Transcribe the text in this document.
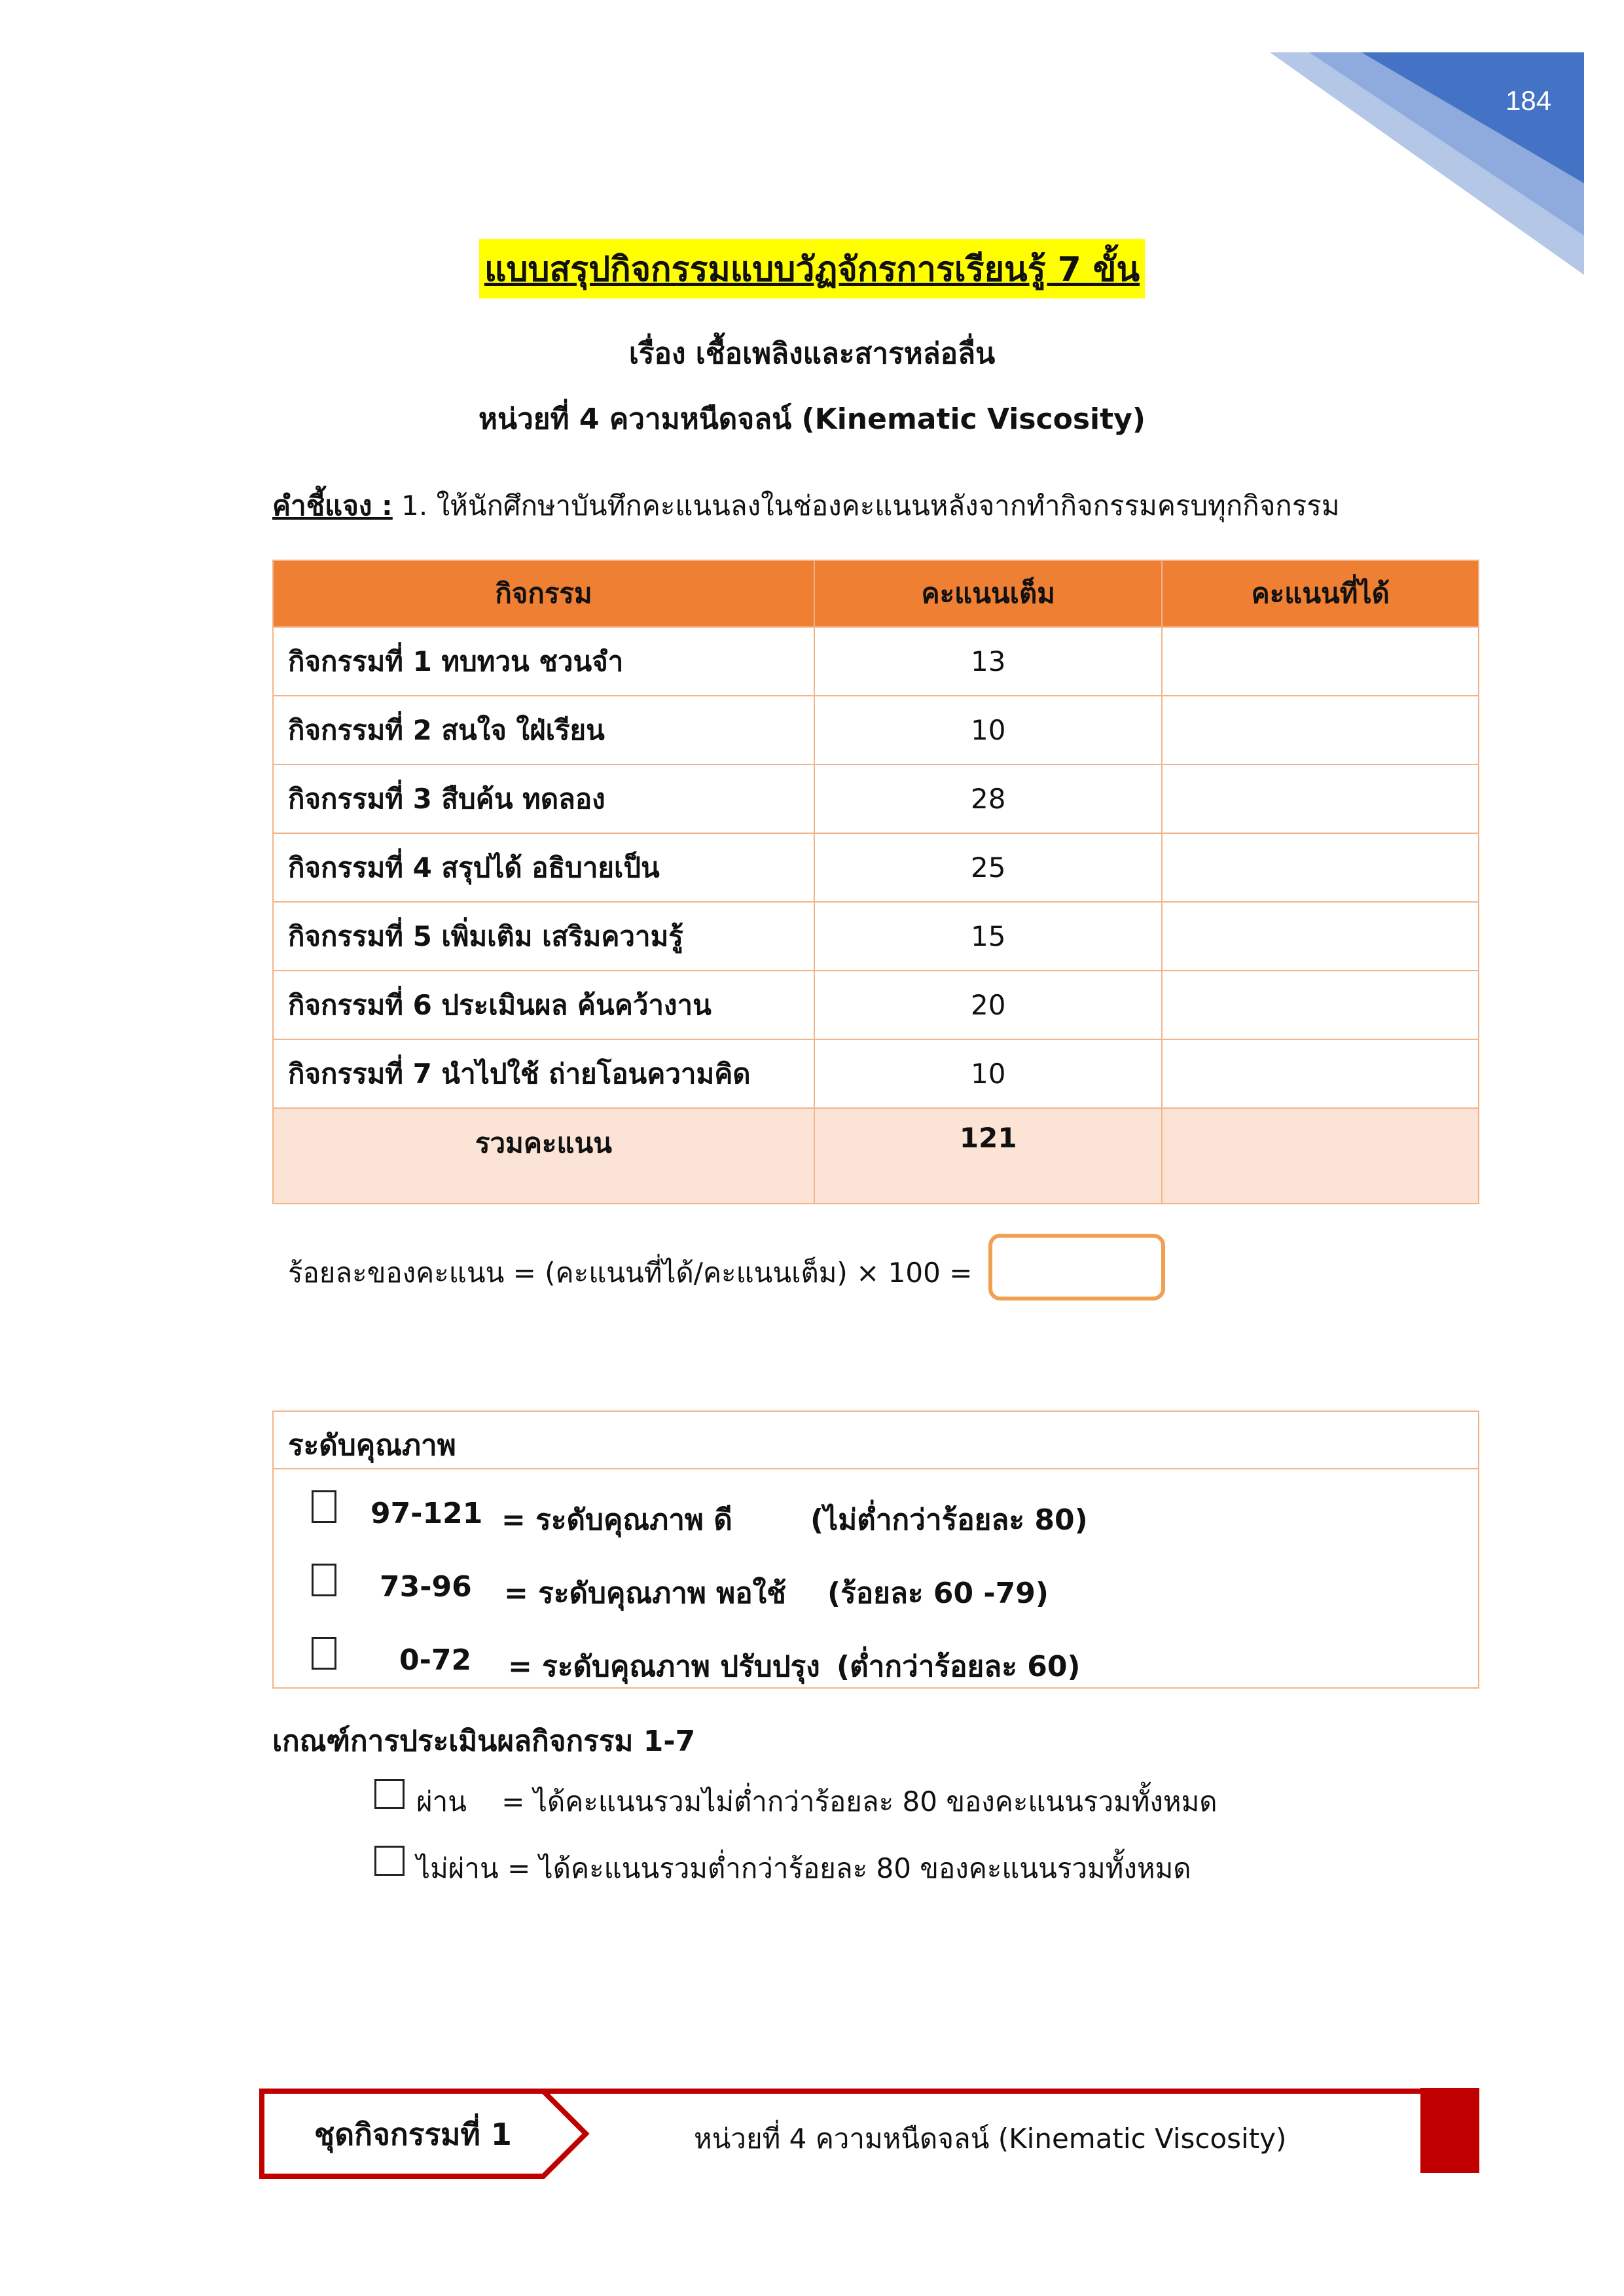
184
แบบสรุปกิจกรรมแบบวัฏจักรการเรียนรู้ 7 ขั้น
เรื่อง เชื้อเพลิงและสารหล่อลื่น
หน่วยที่ 4 ความหนืดจลน์ (Kinematic Viscosity)
คำชี้แจง : 1. ให้นักศึกษาบันทึกคะแนนลงในช่องคะแนนหลังจากทำกิจกรรมครบทุกกิจกรรม
กิจกรรม	คะแนนเต็ม	คะแนนที่ได้
กิจกรรมที่ 1 ทบทวน ชวนจำ	13	
กิจกรรมที่ 2 สนใจ ใฝ่เรียน	10	
กิจกรรมที่ 3 สืบค้น ทดลอง	28	
กิจกรรมที่ 4 สรุปได้ อธิบายเป็น	25	
กิจกรรมที่ 5 เพิ่มเติม เสริมความรู้	15	
กิจกรรมที่ 6 ประเมินผล ค้นคว้างาน	20	
กิจกรรมที่ 7 นำไปใช้ ถ่ายโอนความคิด	10	
รวมคะแนน	121	
ร้อยละของคะแนน = (คะแนนที่ได้/คะแนนเต็ม) × 100 =
ระดับคุณภาพ
97-121 = ระดับคุณภาพ ดี	(ไม่ต่ำกว่าร้อยละ 80)
73-96 = ระดับคุณภาพ พอใช้ (ร้อยละ 60 -79)
0-72 = ระดับคุณภาพ ปรับปรุง (ต่ำกว่าร้อยละ 60)
เกณฑ์การประเมินผลกิจกรรม 1-7
ผ่าน    = ได้คะแนนรวมไม่ต่ำกว่าร้อยละ 80 ของคะแนนรวมทั้งหมด
ไม่ผ่าน = ได้คะแนนรวมต่ำกว่าร้อยละ 80 ของคะแนนรวมทั้งหมด
ชุดกิจกรรมที่ 1	หน่วยที่ 4 ความหนืดจลน์ (Kinematic Viscosity)
